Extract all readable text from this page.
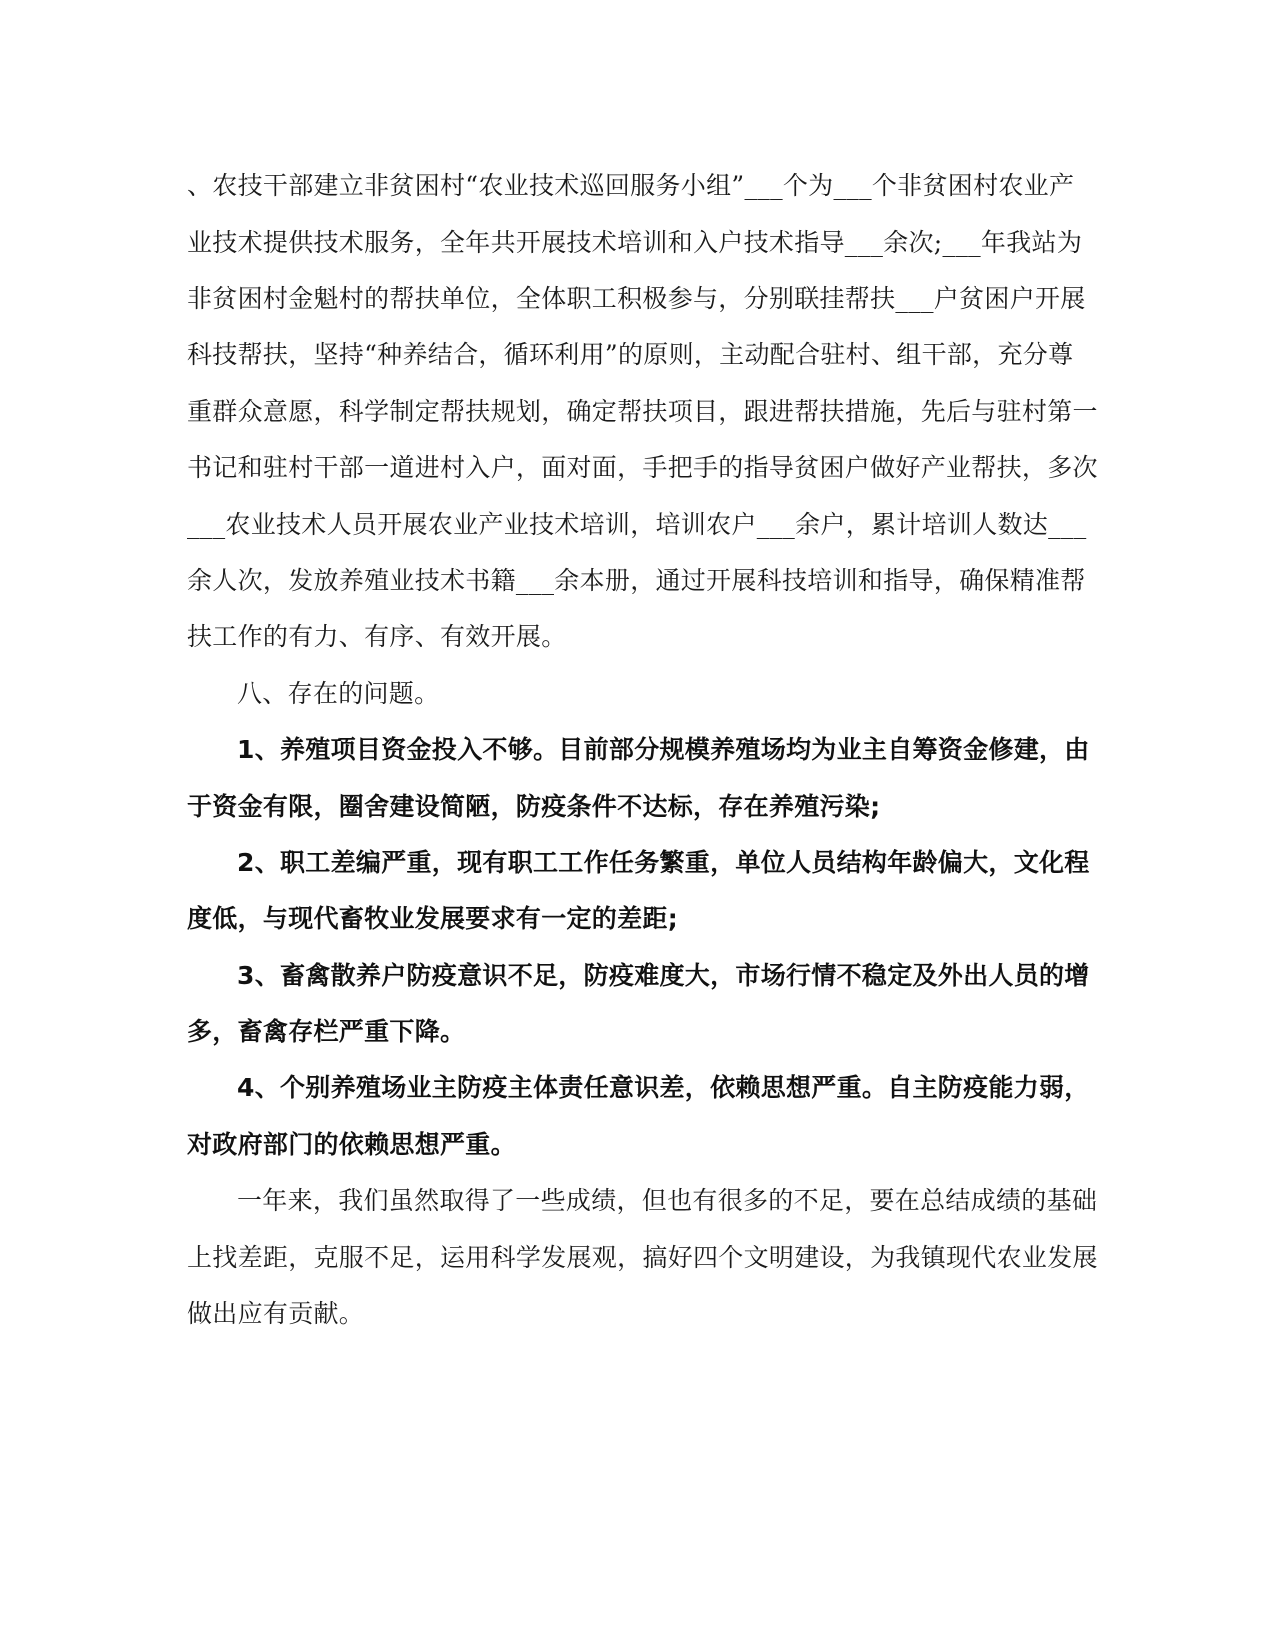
、农技干部建立非贫困村“农业技术巡回服务小组”___个为___个非贫困村农业产
业技术提供技术服务，全年共开展技术培训和入户技术指导___余次;___年我站为
非贫困村金魁村的帮扶单位，全体职工积极参与，分别联挂帮扶___户贫困户开展
科技帮扶，坚持“种养结合，循环利用”的原则，主动配合驻村、组干部，充分尊
重群众意愿，科学制定帮扶规划，确定帮扶项目，跟进帮扶措施，先后与驻村第一
书记和驻村干部一道进村入户，面对面，手把手的指导贫困户做好产业帮扶，多次
___农业技术人员开展农业产业技术培训，培训农户___余户，累计培训人数达___
余人次，发放养殖业技术书籍___余本册，通过开展科技培训和指导，确保精准帮
扶工作的有力、有序、有效开展。
八、存在的问题。
1、养殖项目资金投入不够。目前部分规模养殖场均为业主自筹资金修建，由
于资金有限，圈舍建设简陋，防疫条件不达标，存在养殖污染;
2、职工差编严重，现有职工工作任务繁重，单位人员结构年龄偏大，文化程
度低，与现代畜牧业发展要求有一定的差距;
3、畜禽散养户防疫意识不足，防疫难度大，市场行情不稳定及外出人员的增
多，畜禽存栏严重下降。
4、个别养殖场业主防疫主体责任意识差，依赖思想严重。自主防疫能力弱，
对政府部门的依赖思想严重。
一年来，我们虽然取得了一些成绩，但也有很多的不足，要在总结成绩的基础
上找差距，克服不足，运用科学发展观，搞好四个文明建设，为我镇现代农业发展
做出应有贡献。
